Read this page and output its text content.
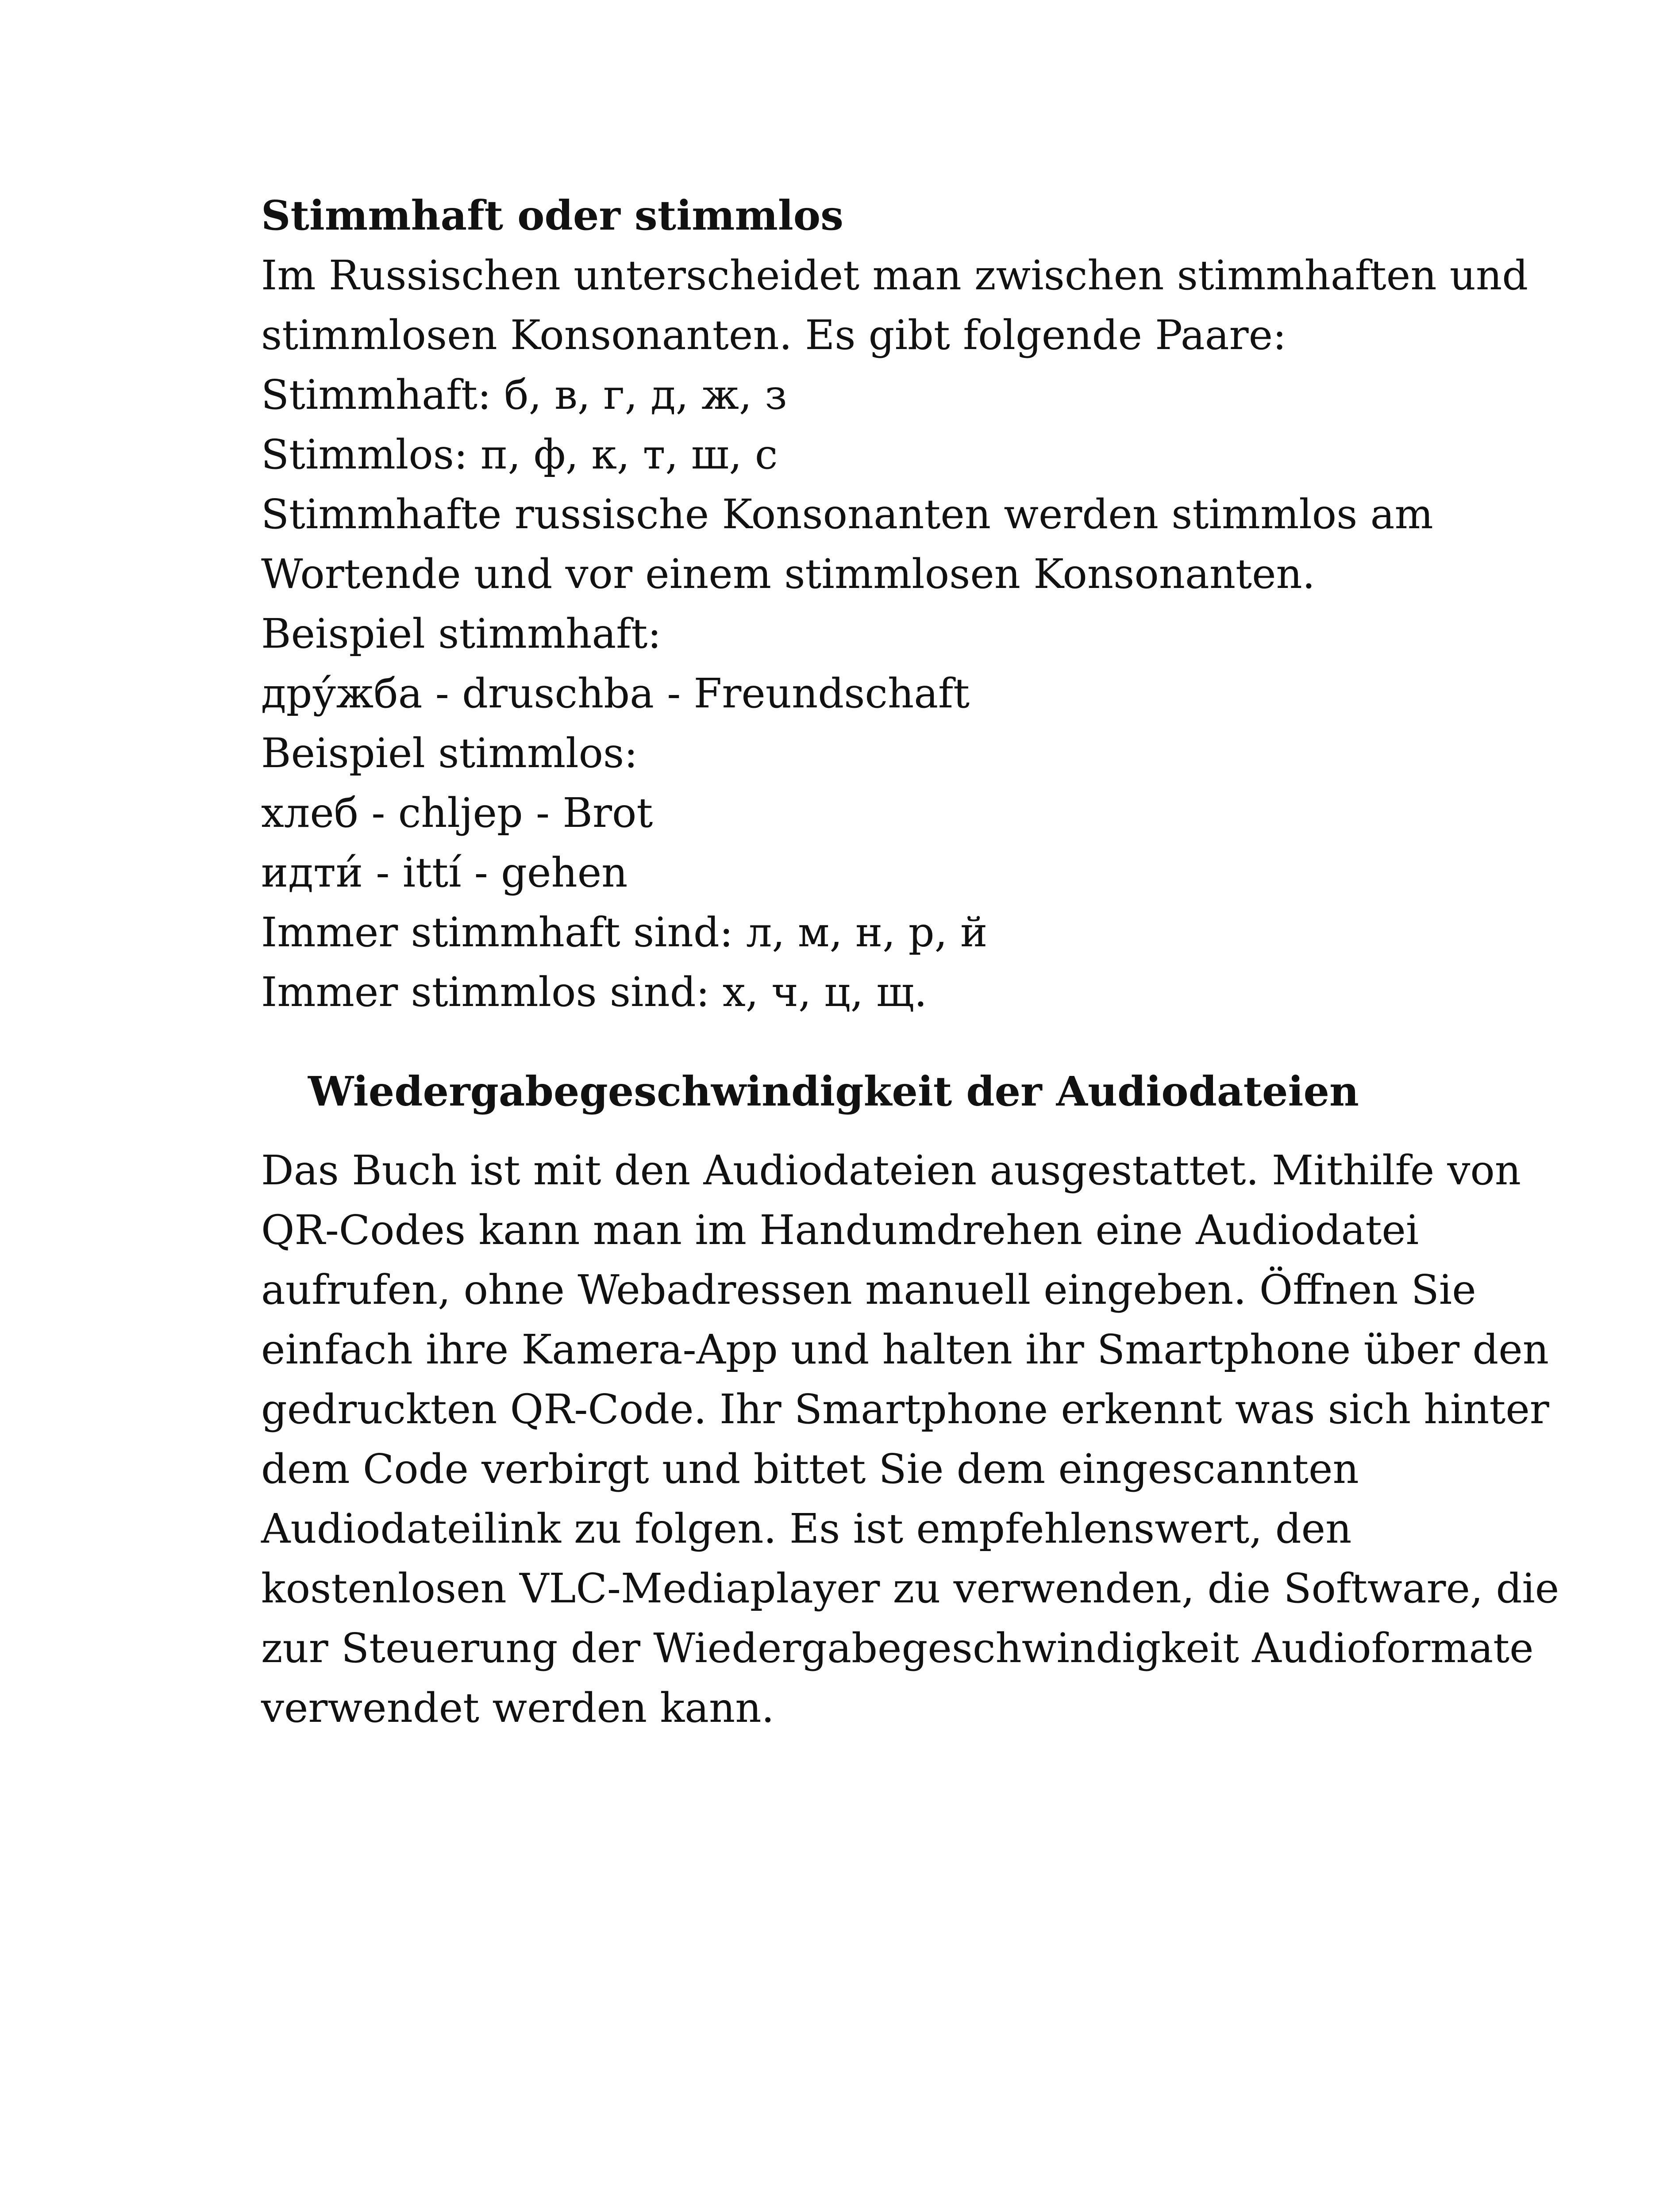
Stimmhaft oder stimmlos
Im Russischen unterscheidet man zwischen stimmhaften und
stimmlosen Konsonanten. Es gibt folgende Paare:
Stimmhaft: б, в, г, д, ж, з
Stimmlos: п, ф, к, т, ш, с
Stimmhafte russische Konsonanten werden stimmlos am
Wortende und vor einem stimmlosen Konsonanten.
Beispiel stimmhaft:
дру́жба - druschba - Freundschaft
Beispiel stimmlos:
хлеб - chljep - Brot
идти́ - ittí - gehen
Immer stimmhaft sind: л, м, н, р, й
Immer stimmlos sind: х, ч, ц, щ.
Wiedergabegeschwindigkeit der Audiodateien
Das Buch ist mit den Audiodateien ausgestattet. Mithilfe von
QR-Codes kann man im Handumdrehen eine Audiodatei
aufrufen, ohne Webadressen manuell eingeben. Öffnen Sie
einfach ihre Kamera-App und halten ihr Smartphone über den
gedruckten QR-Code. Ihr Smartphone erkennt was sich hinter
dem Code verbirgt und bittet Sie dem eingescannten
Audiodateilink zu folgen. Es ist empfehlenswert, den
kostenlosen VLC-Mediaplayer zu verwenden, die Software, die
zur Steuerung der Wiedergabegeschwindigkeit Audioformate
verwendet werden kann.
